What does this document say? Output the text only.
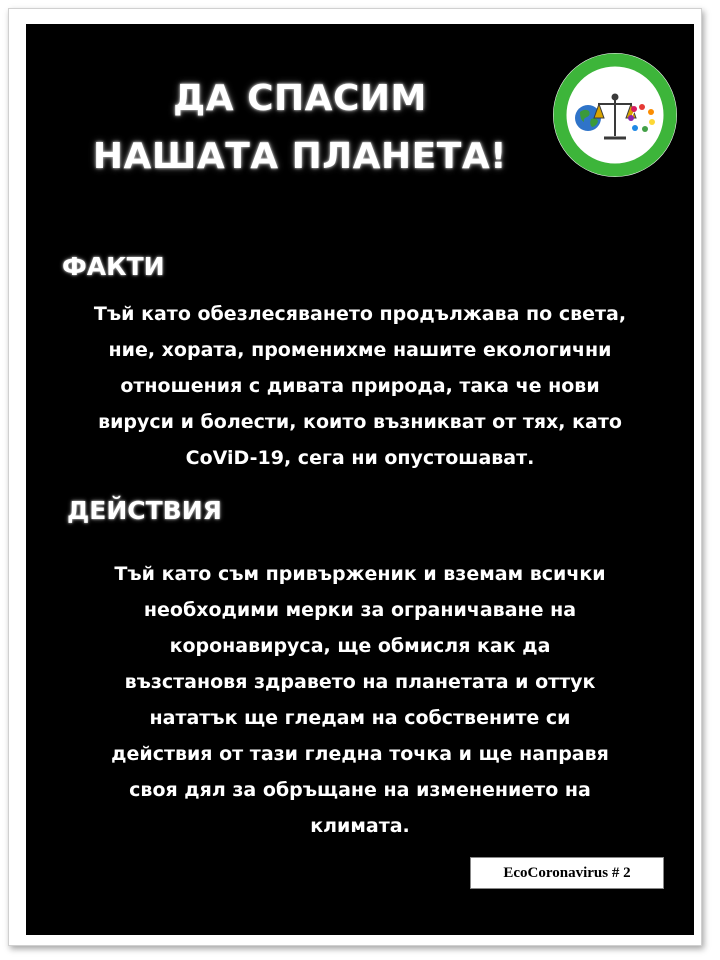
ДА СПАСИМ
НАШАТА ПЛАНЕТА!
ВАШИТЕ ДЕЙСТВИЯ ...
... спасяват планетата
ФАКТИ

Тъй като обезлесяването продължава по света,
ние, хората, променихме нашите екологични
отношения с дивата природа, така че нови
вируси и болести, които възникват от тях, като
CoViD-19, сега ни опустошават.

ДЕЙСТВИЯ

Тъй като съм привърженик и вземам всички
необходими мерки за ограничаване на
коронавируса, ще обмисля как да
възстановя здравето на планетата и оттук
нататък ще гледам на собствените си
действия от тази гледна точка и ще направя
своя дял за обръщане на изменението на
климата.

EcoCoronavirus # 2
